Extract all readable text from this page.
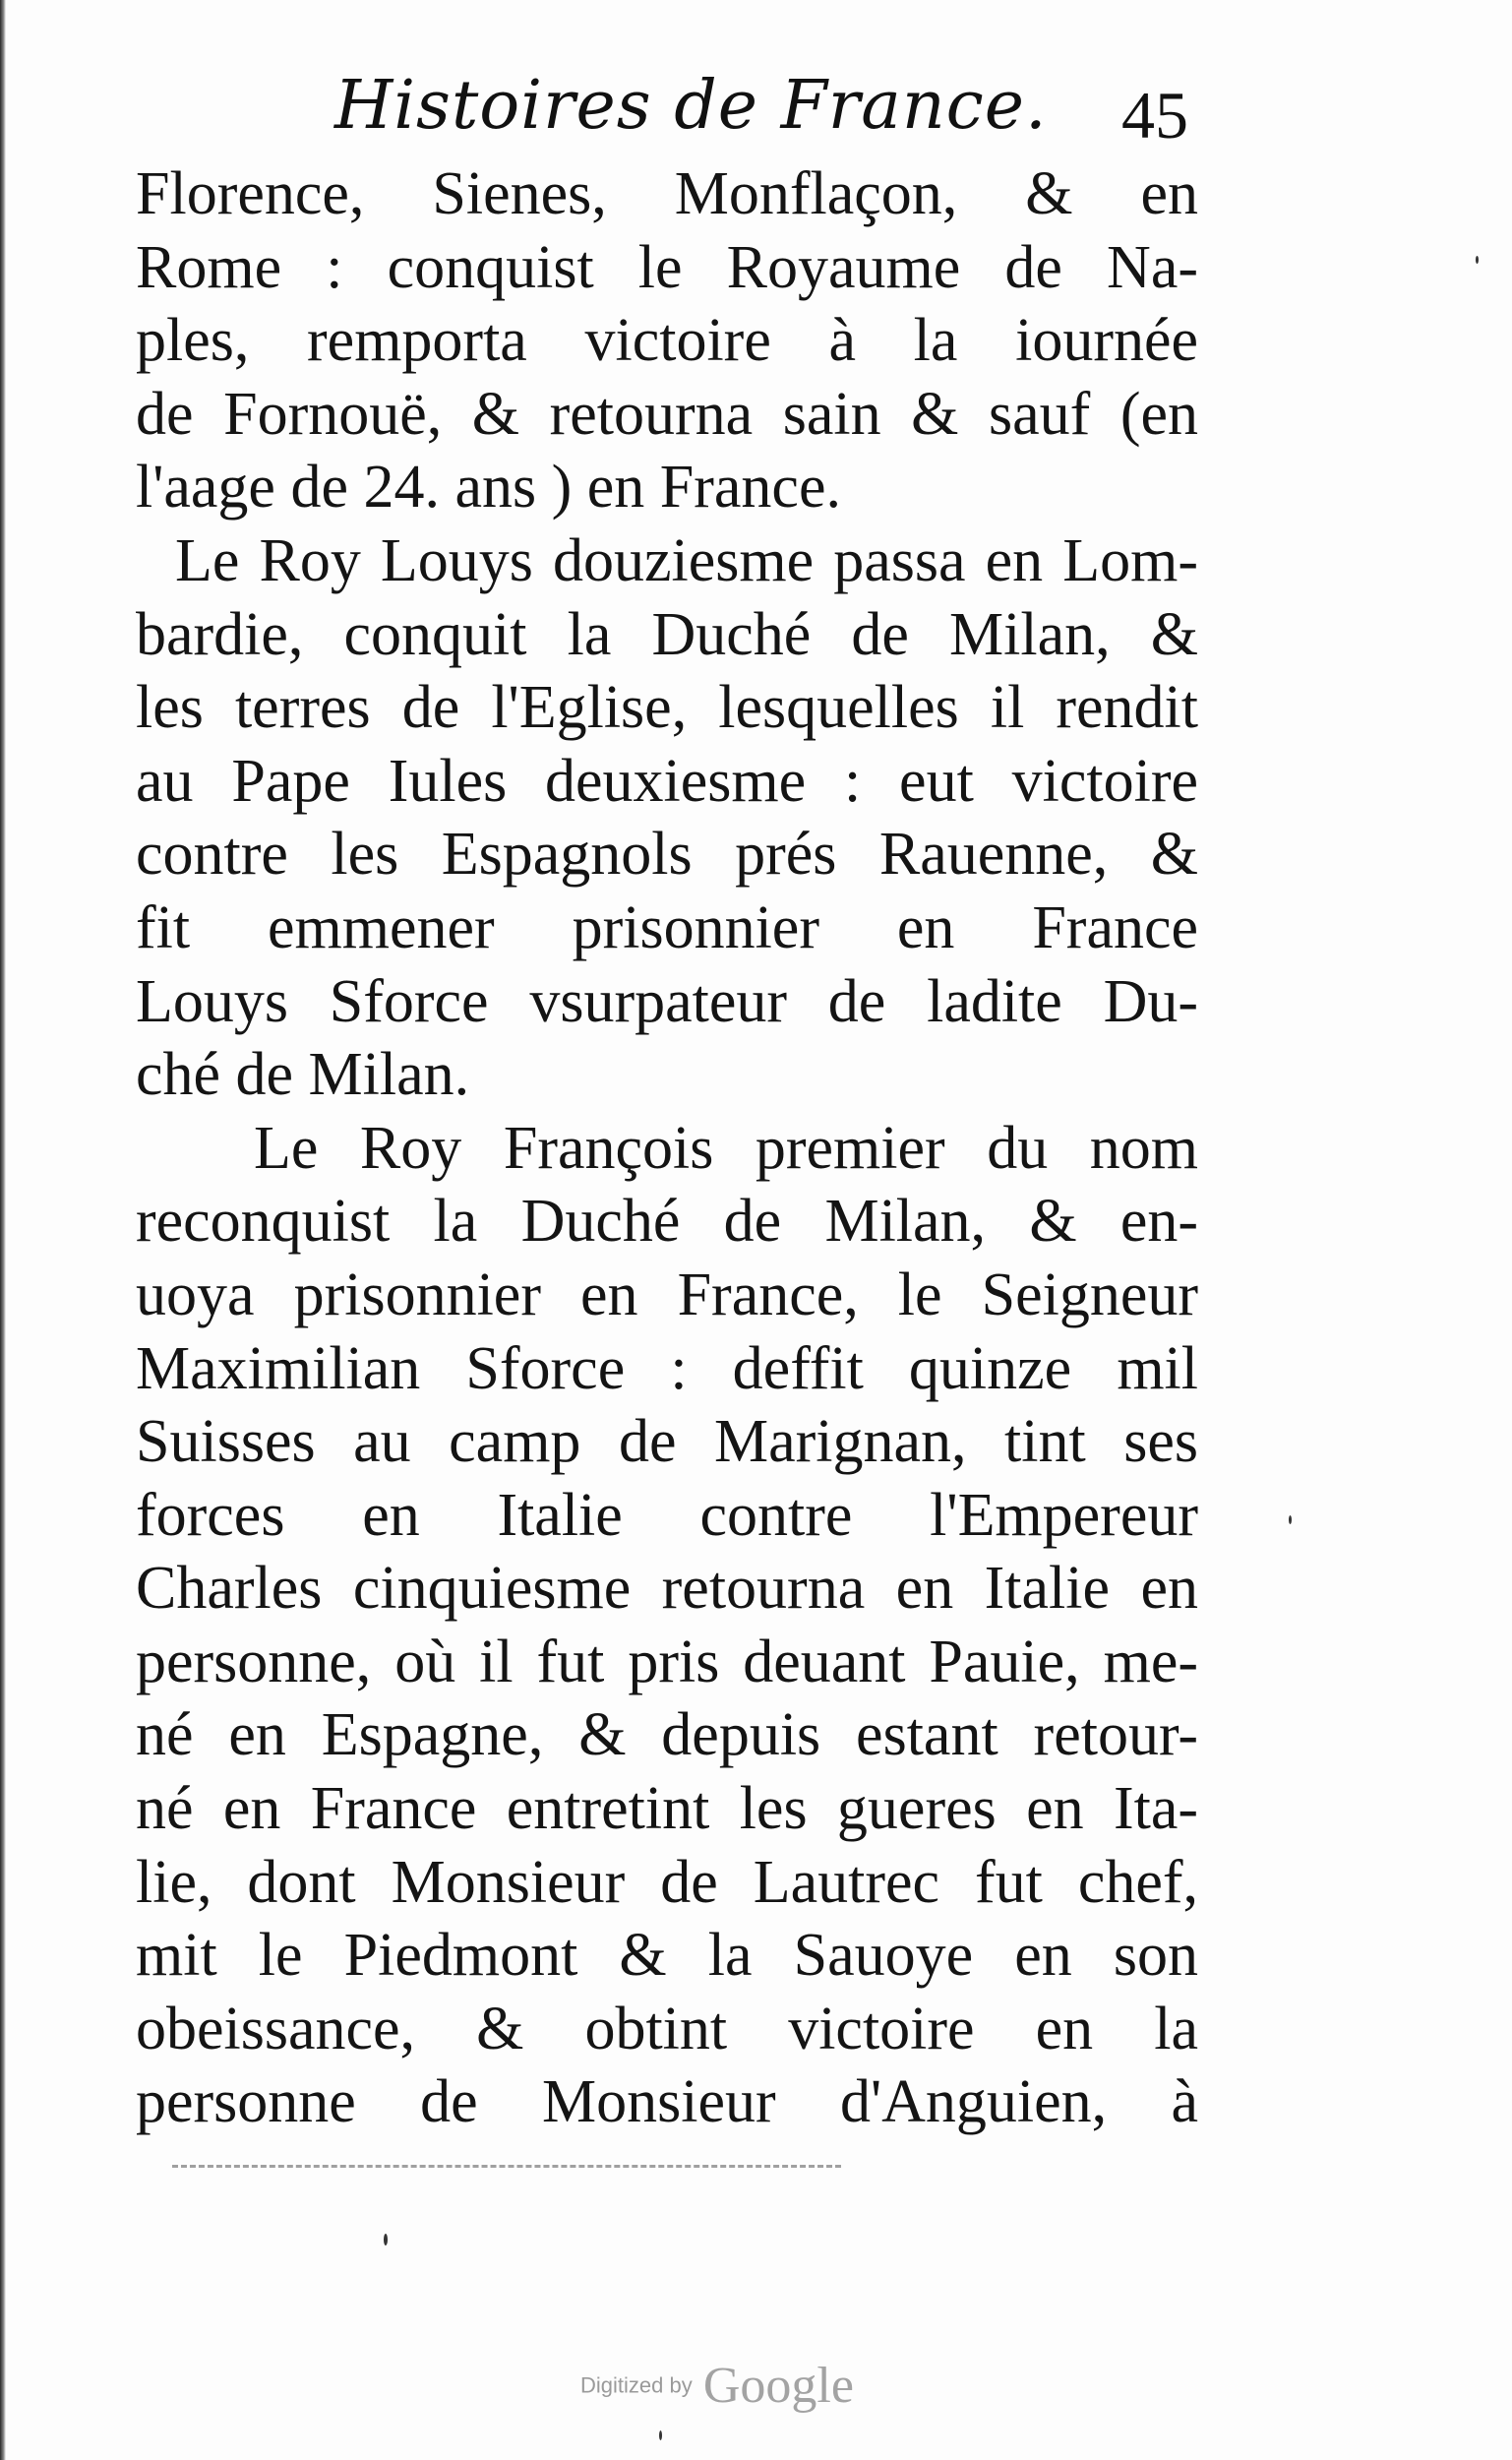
Histoires de France. 45
Florence, Sienes, Monflaçon, & en
Rome : conquist le Royaume de Na-
ples, remporta victoire à la iournée
de Fornouë, & retourna sain & sauf (en
l'aage de 24. ans ) en France.
Le Roy Louys douziesme passa en Lom-
bardie, conquit la Duché de Milan, &
les terres de l'Eglise, lesquelles il rendit
au Pape Iules deuxiesme : eut victoire
contre les Espagnols prés Rauenne, &
fit emmener prisonnier en France
Louys Sforce vsurpateur de ladite Du-
ché de Milan.
Le Roy François premier du nom
reconquist la Duché de Milan, & en-
uoya prisonnier en France, le Seigneur
Maximilian Sforce : deffit quinze mil
Suisses au camp de Marignan, tint ses
forces en Italie contre l'Empereur
Charles cinquiesme retourna en Italie en
personne, où il fut pris deuant Pauie, me-
né en Espagne, & depuis estant retour-
né en France entretint les gueres en Ita-
lie, dont Monsieur de Lautrec fut chef,
mit le Piedmont & la Sauoye en son
obeissance, & obtint victoire en la
personne de Monsieur d'Anguien, à
Digitized by Google
